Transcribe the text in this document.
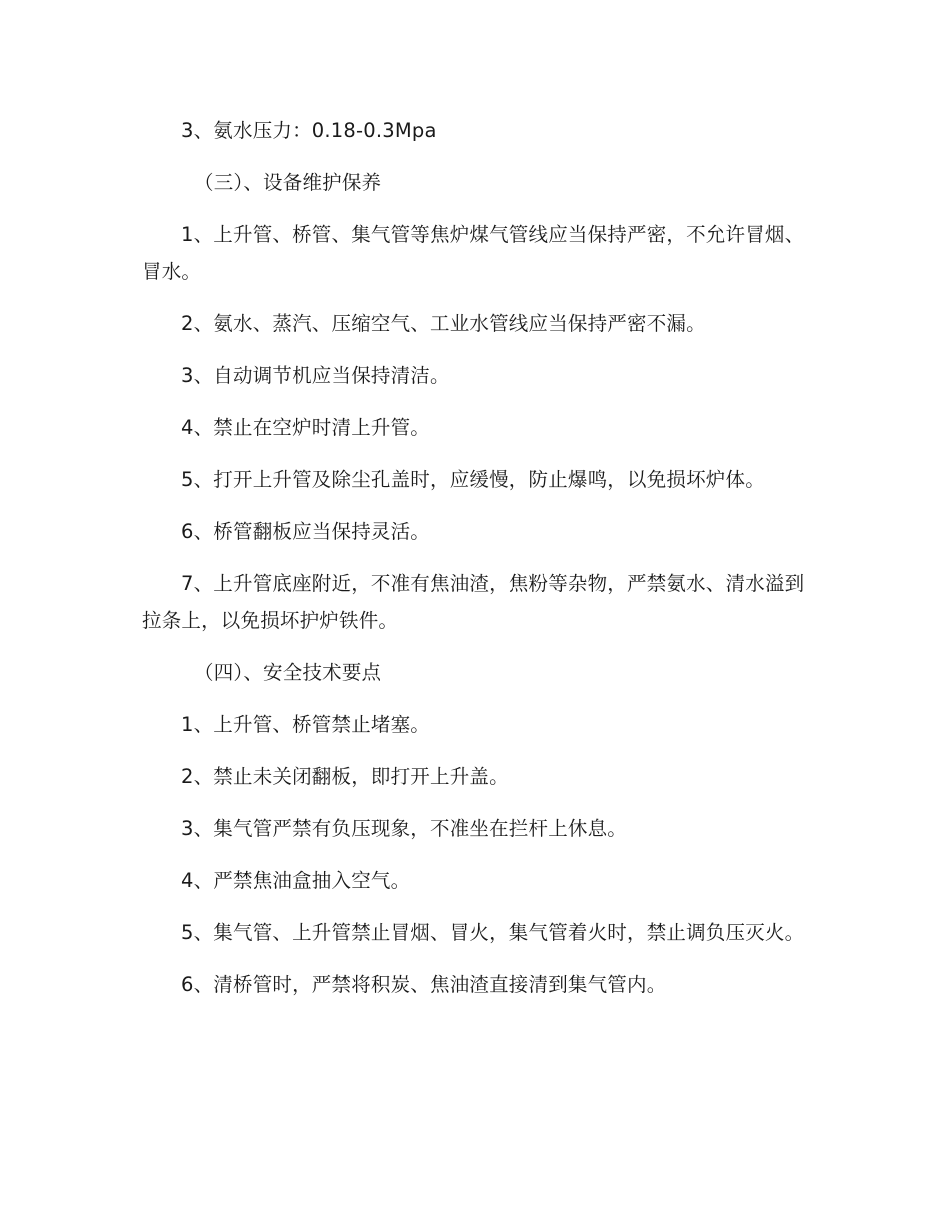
3、氨水压力：0.18-0.3Mpa

（三）、设备维护保养

1、上升管、桥管、集气管等焦炉煤气管线应当保持严密，不允许冒烟、冒水。

2、氨水、蒸汽、压缩空气、工业水管线应当保持严密不漏。

3、自动调节机应当保持清洁。

4、禁止在空炉时清上升管。

5、打开上升管及除尘孔盖时，应缓慢，防止爆鸣，以免损坏炉体。

6、桥管翻板应当保持灵活。

7、上升管底座附近，不准有焦油渣，焦粉等杂物，严禁氨水、清水溢到拉条上，以免损坏护炉铁件。

（四）、安全技术要点

1、上升管、桥管禁止堵塞。

2、禁止未关闭翻板，即打开上升盖。

3、集气管严禁有负压现象，不准坐在拦杆上休息。

4、严禁焦油盒抽入空气。

5、集气管、上升管禁止冒烟、冒火，集气管着火时，禁止调负压灭火。

6、清桥管时，严禁将积炭、焦油渣直接清到集气管内。
